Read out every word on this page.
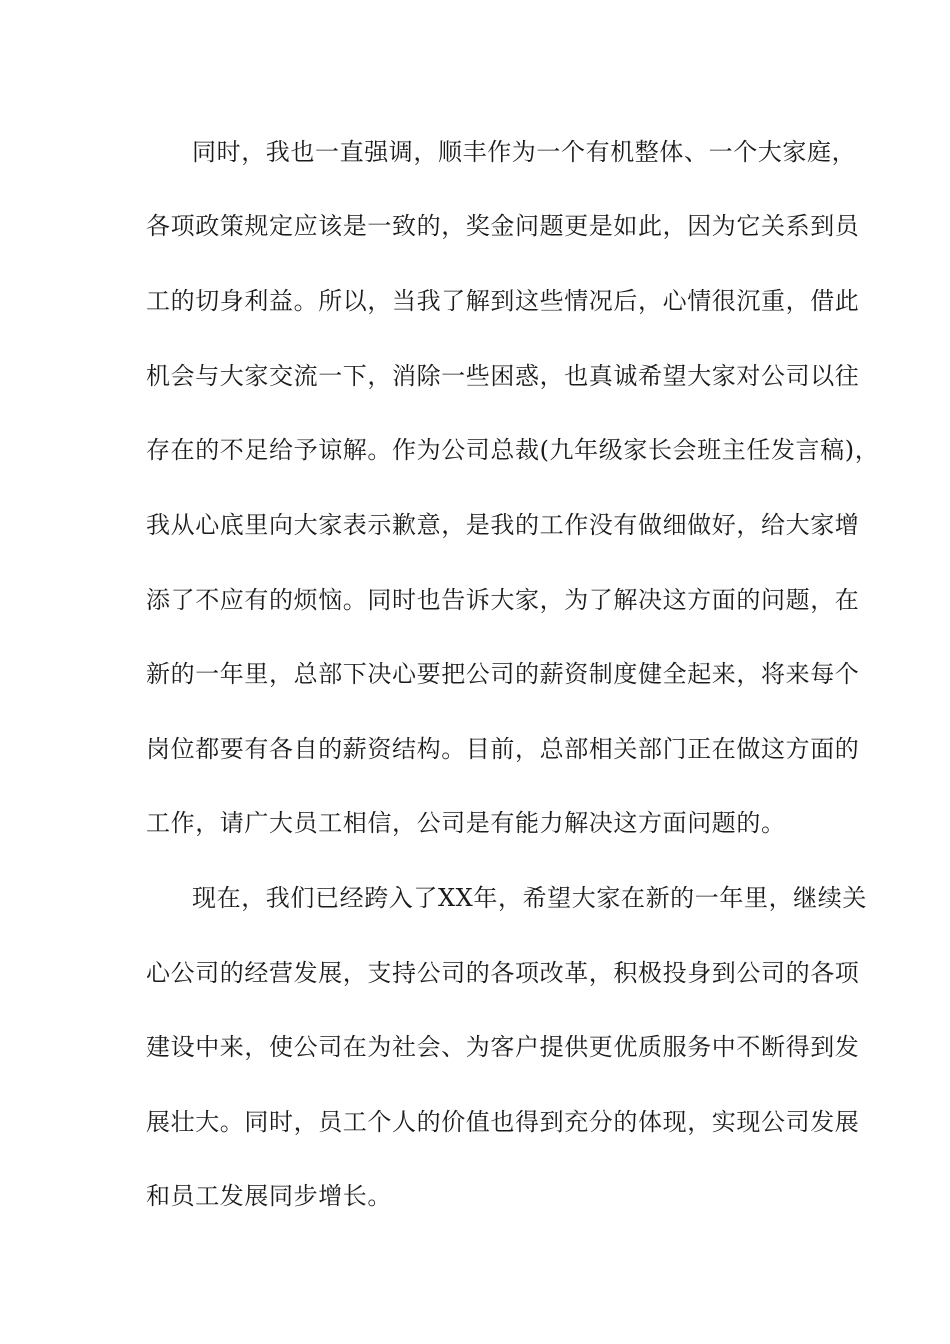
同时，我也一直强调，顺丰作为一个有机整体、一个大家庭，
各项政策规定应该是一致的，奖金问题更是如此，因为它关系到员
工的切身利益。所以，当我了解到这些情况后，心情很沉重，借此
机会与大家交流一下，消除一些困惑，也真诚希望大家对公司以往
存在的不足给予谅解。作为公司总裁(九年级家长会班主任发言稿)，
我从心底里向大家表示歉意，是我的工作没有做细做好，给大家增
添了不应有的烦恼。同时也告诉大家，为了解决这方面的问题，在
新的一年里，总部下决心要把公司的薪资制度健全起来，将来每个
岗位都要有各自的薪资结构。目前，总部相关部门正在做这方面的
工作，请广大员工相信，公司是有能力解决这方面问题的。
现在，我们已经跨入了XX年，希望大家在新的一年里，继续关
心公司的经营发展，支持公司的各项改革，积极投身到公司的各项
建设中来，使公司在为社会、为客户提供更优质服务中不断得到发
展壮大。同时，员工个人的价值也得到充分的体现，实现公司发展
和员工发展同步增长。
